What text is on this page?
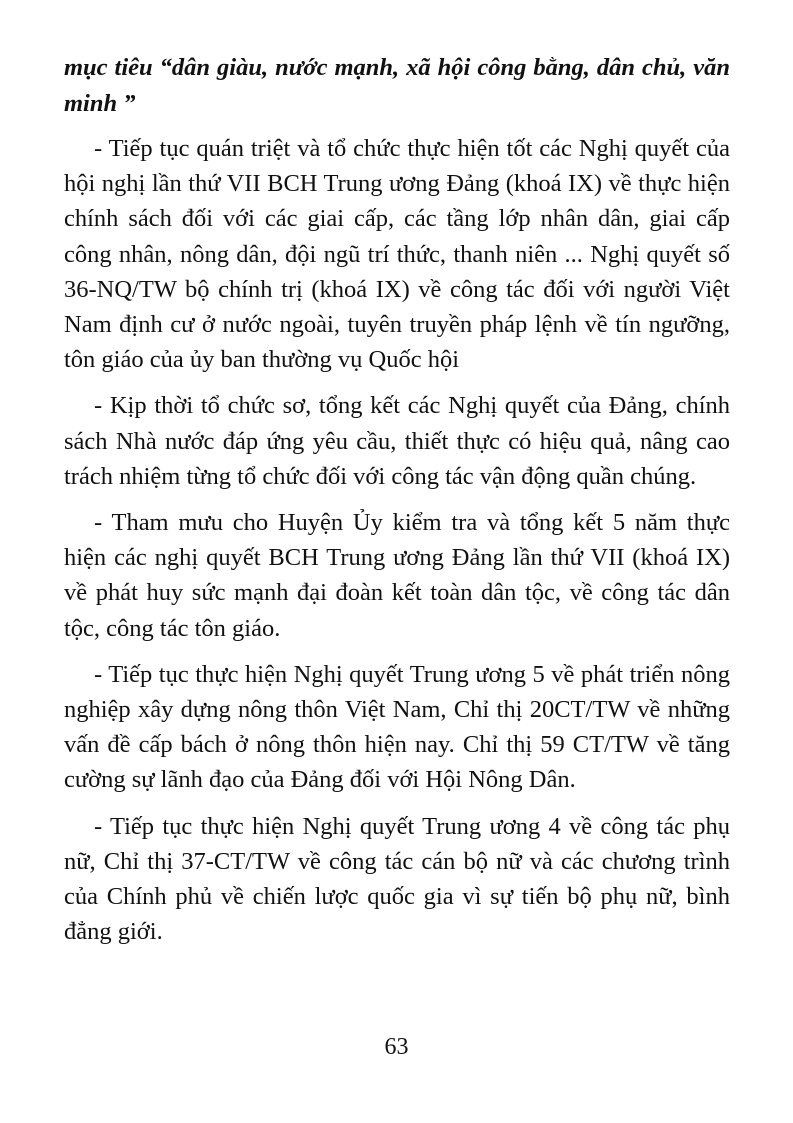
mục tiêu “dân giàu, nước mạnh, xã hội công bằng, dân chủ, văn minh ”

- Tiếp tục quán triệt và tổ chức thực hiện tốt các Nghị quyết của hội nghị lần thứ VII BCH Trung ương Đảng (khoá IX) về thực hiện chính sách đối với các giai cấp, các tầng lớp nhân dân, giai cấp công nhân, nông dân, đội ngũ trí thức, thanh niên ... Nghị quyết số 36-NQ/TW bộ chính trị (khoá IX) về công tác đối với người Việt Nam định cư ở nước ngoài, tuyên truyền pháp lệnh về tín ngưỡng, tôn giáo của ủy ban thường vụ Quốc hội

- Kịp thời tổ chức sơ, tổng kết các Nghị quyết của Đảng, chính sách Nhà nước đáp ứng yêu cầu, thiết thực có hiệu quả, nâng cao trách nhiệm từng tổ chức đối với công tác vận động quần chúng.

- Tham mưu cho Huyện Ủy kiểm tra và tổng kết 5 năm thực hiện các nghị quyết BCH Trung ương Đảng lần thứ VII (khoá IX) về phát huy sức mạnh đại đoàn kết toàn dân tộc, về công tác dân tộc, công tác tôn giáo.

- Tiếp tục thực hiện Nghị quyết Trung ương 5 về phát triển nông nghiệp xây dựng nông thôn Việt Nam, Chỉ thị 20CT/TW về những vấn đề cấp bách ở nông thôn hiện nay. Chỉ thị 59 CT/TW về tăng cường sự lãnh đạo của Đảng đối với Hội Nông Dân.

- Tiếp tục thực hiện Nghị quyết Trung ương 4 về công tác phụ nữ, Chỉ thị 37-CT/TW về công tác cán bộ nữ và các chương trình của Chính phủ về chiến lược quốc gia vì sự tiến bộ phụ nữ, bình đẳng giới.

63
